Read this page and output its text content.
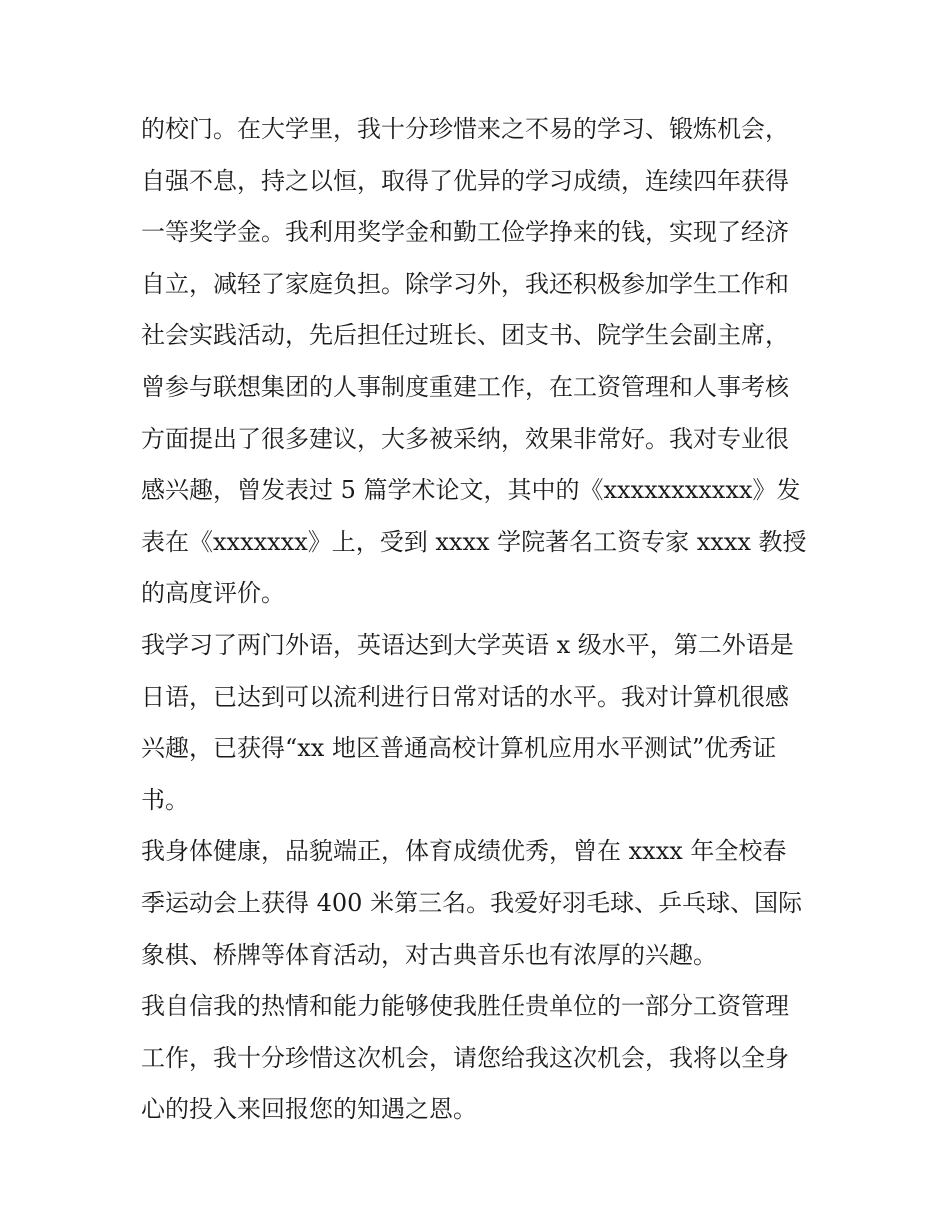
的校门。在大学里，我十分珍惜来之不易的学习、锻炼机会，
自强不息，持之以恒，取得了优异的学习成绩，连续四年获得
一等奖学金。我利用奖学金和勤工俭学挣来的钱，实现了经济
自立，减轻了家庭负担。除学习外，我还积极参加学生工作和
社会实践活动，先后担任过班长、团支书、院学生会副主席，
曾参与联想集团的人事制度重建工作，在工资管理和人事考核
方面提出了很多建议，大多被采纳，效果非常好。我对专业很
感兴趣，曾发表过 5 篇学术论文，其中的《xxxxxxxxxxx》发
表在《xxxxxxx》上，受到 xxxx 学院著名工资专家 xxxx 教授
的高度评价。
我学习了两门外语，英语达到大学英语 x 级水平，第二外语是
日语，已达到可以流利进行日常对话的水平。我对计算机很感
兴趣，已获得“xx 地区普通高校计算机应用水平测试”优秀证
书。
我身体健康，品貌端正，体育成绩优秀，曾在 xxxx 年全校春
季运动会上获得 400 米第三名。我爱好羽毛球、乒乓球、国际
象棋、桥牌等体育活动，对古典音乐也有浓厚的兴趣。
我自信我的热情和能力能够使我胜任贵单位的一部分工资管理
工作，我十分珍惜这次机会，请您给我这次机会，我将以全身
心的投入来回报您的知遇之恩。
